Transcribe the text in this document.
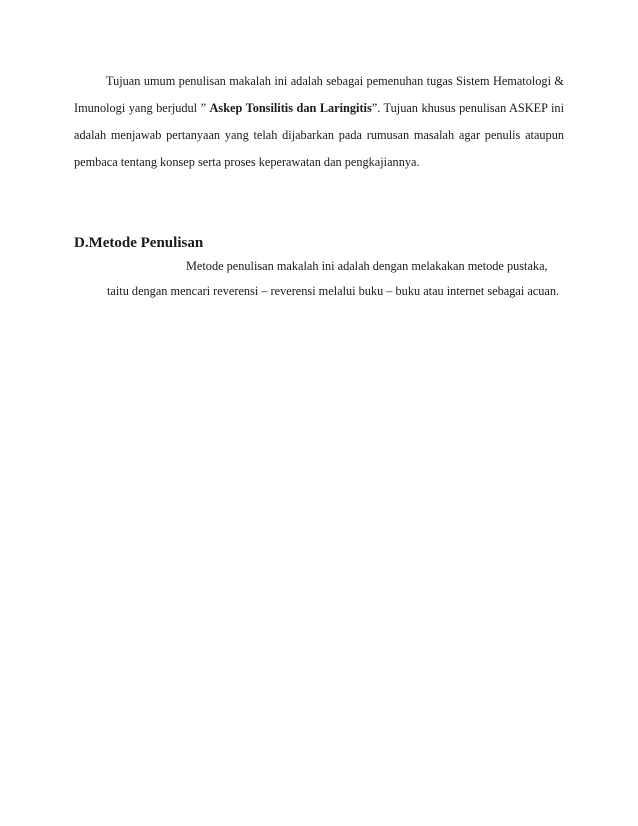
Tujuan umum penulisan makalah ini adalah sebagai pemenuhan tugas Sistem Hematologi & Imunologi yang berjudul ” Askep Tonsilitis dan Laringitis”. Tujuan khusus penulisan ASKEP ini adalah menjawab pertanyaan yang telah dijabarkan pada rumusan masalah agar penulis ataupun pembaca tentang konsep serta proses keperawatan dan pengkajiannya.

D.Metode Penulisan

Metode penulisan makalah ini adalah dengan melakakan metode pustaka,
taitu dengan mencari reverensi – reverensi melalui buku – buku atau internet sebagai acuan.
